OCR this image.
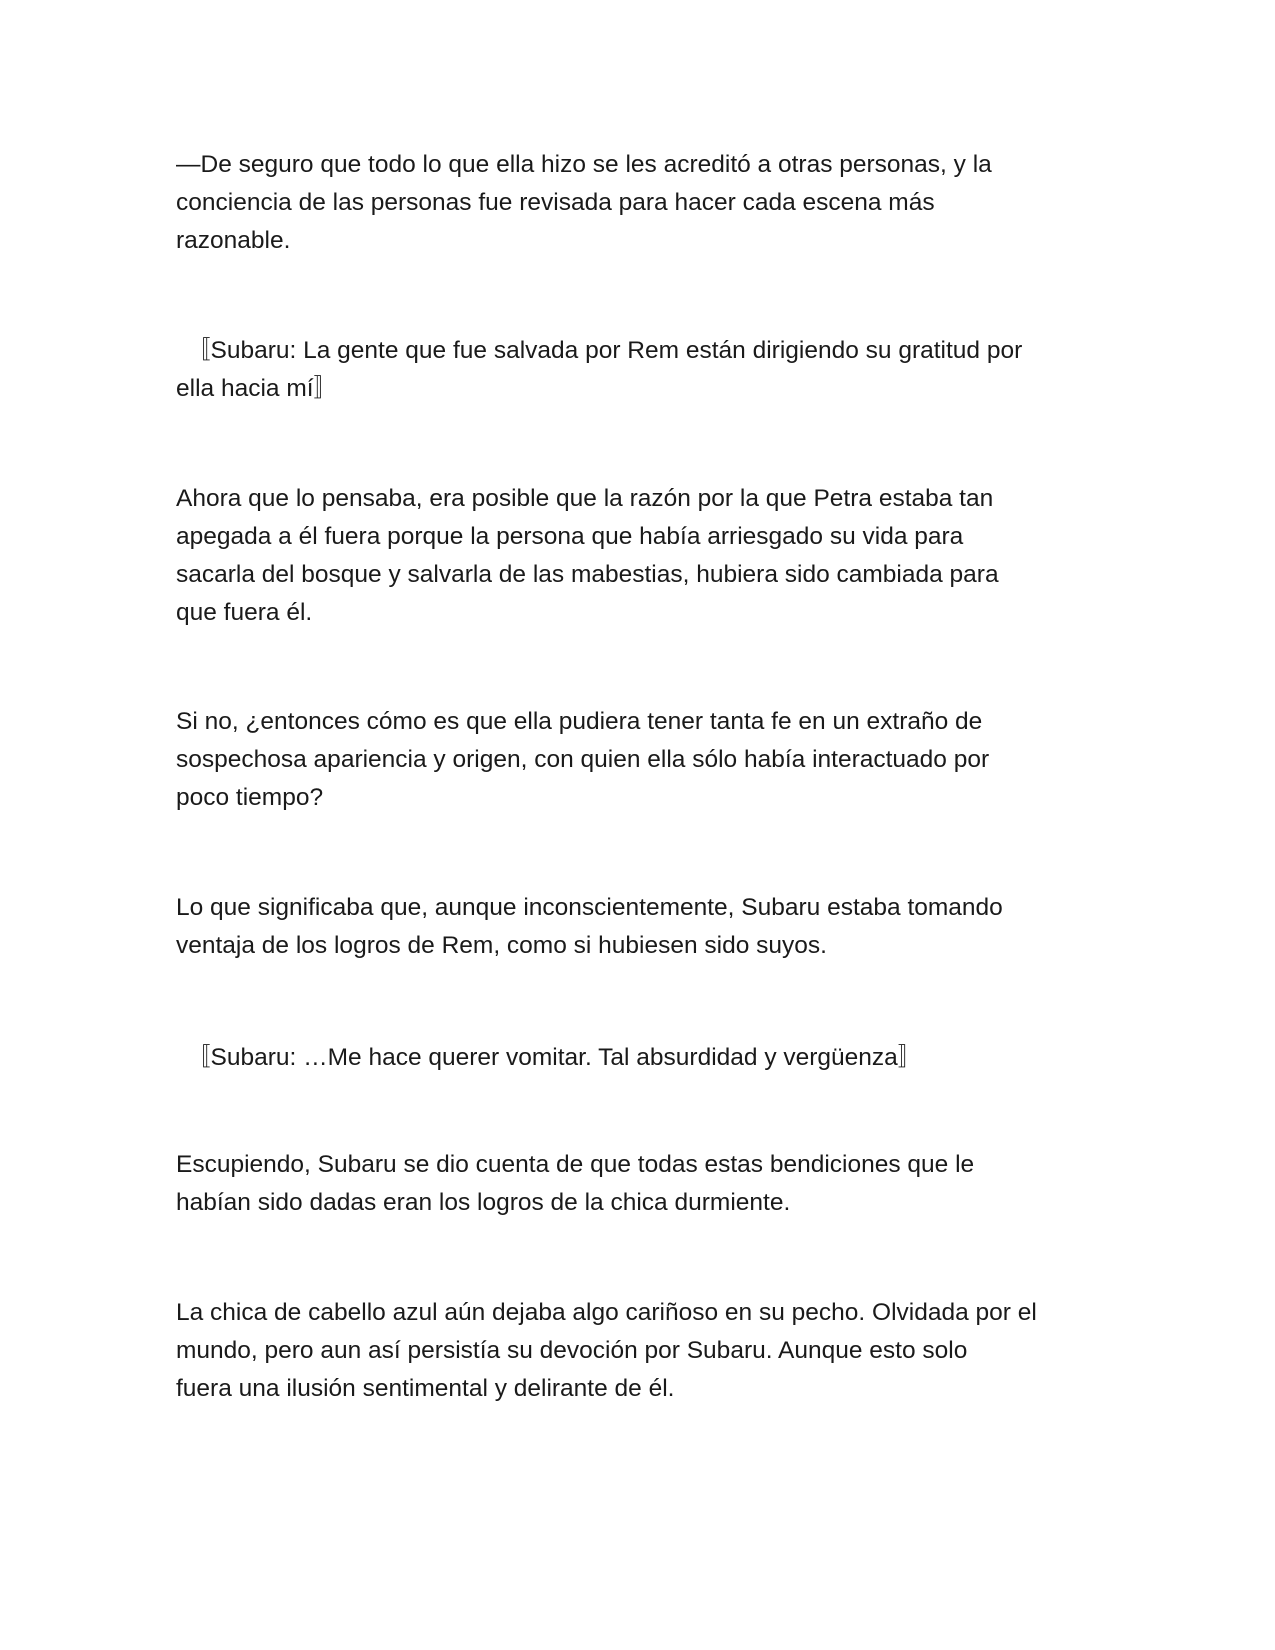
—De seguro que todo lo que ella hizo se les acreditó a otras personas, y la
conciencia de las personas fue revisada para hacer cada escena más
razonable.

〚Subaru: La gente que fue salvada por Rem están dirigiendo su gratitud por
ella hacia mí〛

Ahora que lo pensaba, era posible que la razón por la que Petra estaba tan
apegada a él fuera porque la persona que había arriesgado su vida para
sacarla del bosque y salvarla de las mabestias, hubiera sido cambiada para
que fuera él.

Si no, ¿entonces cómo es que ella pudiera tener tanta fe en un extraño de
sospechosa apariencia y origen, con quien ella sólo había interactuado por
poco tiempo?

Lo que significaba que, aunque inconscientemente, Subaru estaba tomando
ventaja de los logros de Rem, como si hubiesen sido suyos.

〚Subaru: …Me hace querer vomitar. Tal absurdidad y vergüenza〛

Escupiendo, Subaru se dio cuenta de que todas estas bendiciones que le
habían sido dadas eran los logros de la chica durmiente.

La chica de cabello azul aún dejaba algo cariñoso en su pecho. Olvidada por el
mundo, pero aun así persistía su devoción por Subaru. Aunque esto solo
fuera una ilusión sentimental y delirante de él.
